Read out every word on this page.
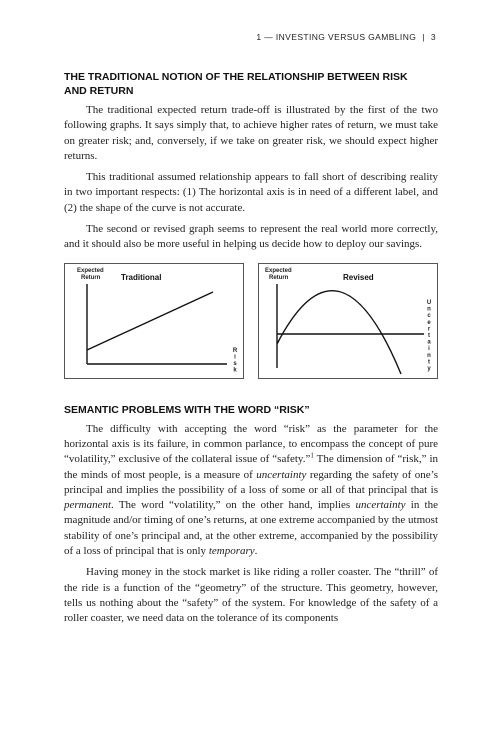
1 — INVESTING VERSUS GAMBLING | 3
THE TRADITIONAL NOTION OF THE RELATIONSHIP BETWEEN RISK
AND RETURN

The traditional expected return trade-off is illustrated by the first of the two following graphs. It says simply that, to achieve higher rates of return, we must take on greater risk; and, conversely, if we take on greater risk, we should expect higher returns.

This traditional assumed relationship appears to fall short of describing reality in two important respects: (1) The horizontal axis is in need of a different label, and (2) the shape of the curve is not accurate.

The second or revised graph seems to represent the real world more correctly, and it should also be more useful in helping us decide how to deploy our savings.

Expected
Return	Traditional
R
i
s
k
Expected
Return	Revised
U
n
c
e
r
t
a
i
n
t
y
SEMANTIC PROBLEMS WITH THE WORD “RISK”

The difficulty with accepting the word “risk” as the parameter for the horizontal axis is its failure, in common parlance, to encompass the concept of pure “volatility,” exclusive of the collateral issue of “safety.”$^1$ The dimension of “risk,” in the minds of most people, is a measure of uncertainty regarding the safety of one’s principal and implies the possibility of a loss of some or all of that principal that is permanent. The word “volatility,” on the other hand, implies uncertainty in the magnitude and/or timing of one’s returns, at one extreme accompanied by the utmost stability of one’s principal and, at the other extreme, accompanied by the possibility of a loss of principal that is only temporary.

Having money in the stock market is like riding a roller coaster. The “thrill” of the ride is a function of the “geometry” of the structure. This geometry, however, tells us nothing about the “safety” of the system. For knowledge of the safety of a roller coaster, we need data on the tolerance of its components
